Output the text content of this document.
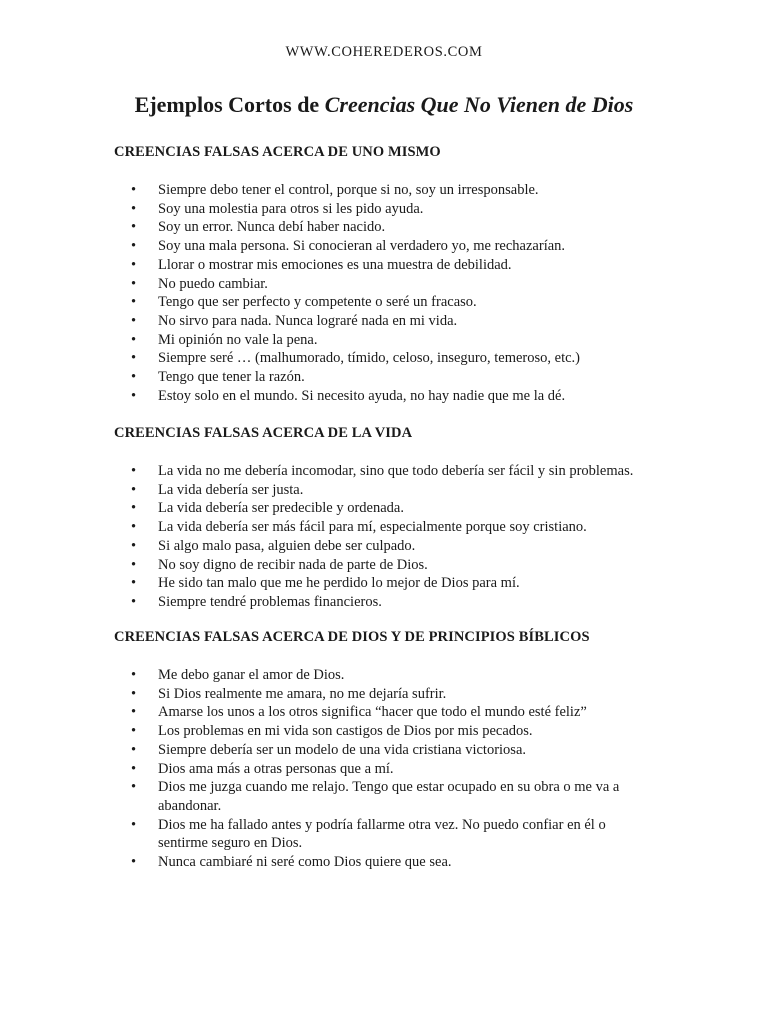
WWW.COHEREDEROS.COM
Ejemplos Cortos de Creencias Que No Vienen de Dios
CREENCIAS FALSAS ACERCA DE UNO MISMO
• Siempre debo tener el control, porque si no, soy un irresponsable.
• Soy una molestia para otros si les pido ayuda.
• Soy un error. Nunca debí haber nacido.
• Soy una mala persona. Si conocieran al verdadero yo, me rechazarían.
• Llorar o mostrar mis emociones es una muestra de debilidad.
• No puedo cambiar.
• Tengo que ser perfecto y competente o seré un fracaso.
• No sirvo para nada. Nunca lograré nada en mi vida.
• Mi opinión no vale la pena.
• Siempre seré … (malhumorado, tímido, celoso, inseguro, temeroso, etc.)
• Tengo que tener la razón.
• Estoy solo en el mundo. Si necesito ayuda, no hay nadie que me la dé.
CREENCIAS FALSAS ACERCA DE LA VIDA
• La vida no me debería incomodar, sino que todo debería ser fácil y sin problemas.
• La vida debería ser justa.
• La vida debería ser predecible y ordenada.
• La vida debería ser más fácil para mí, especialmente porque soy cristiano.
• Si algo malo pasa, alguien debe ser culpado.
• No soy digno de recibir nada de parte de Dios.
• He sido tan malo que me he perdido lo mejor de Dios para mí.
• Siempre tendré problemas financieros.
CREENCIAS FALSAS ACERCA DE DIOS Y DE PRINCIPIOS BÍBLICOS
• Me debo ganar el amor de Dios.
• Si Dios realmente me amara, no me dejaría sufrir.
• Amarse los unos a los otros significa “hacer que todo el mundo esté feliz”
• Los problemas en mi vida son castigos de Dios por mis pecados.
• Siempre debería ser un modelo de una vida cristiana victoriosa.
• Dios ama más a otras personas que a mí.
• Dios me juzga cuando me relajo. Tengo que estar ocupado en su obra o me va a abandonar.
• Dios me ha fallado antes y podría fallarme otra vez. No puedo confiar en él o sentirme seguro en Dios.
• Nunca cambiaré ni seré como Dios quiere que sea.
